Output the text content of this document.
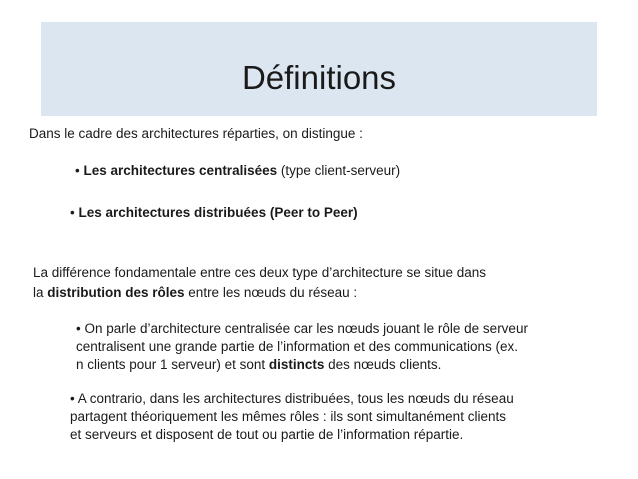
Définitions
Dans le cadre des architectures réparties, on distingue :
• Les architectures centralisées (type client-serveur)
• Les architectures distribuées (Peer to Peer)
La différence fondamentale entre ces deux type d’architecture se situe dans
la distribution des rôles entre les nœuds du réseau :
• On parle d’architecture centralisée car les nœuds jouant le rôle de serveur
centralisent une grande partie de l’information et des communications (ex.
n clients pour 1 serveur) et sont distincts des nœuds clients.
• A contrario, dans les architectures distribuées, tous les nœuds du réseau
partagent théoriquement les mêmes rôles : ils sont simultanément clients
et serveurs et disposent de tout ou partie de l’information répartie.
